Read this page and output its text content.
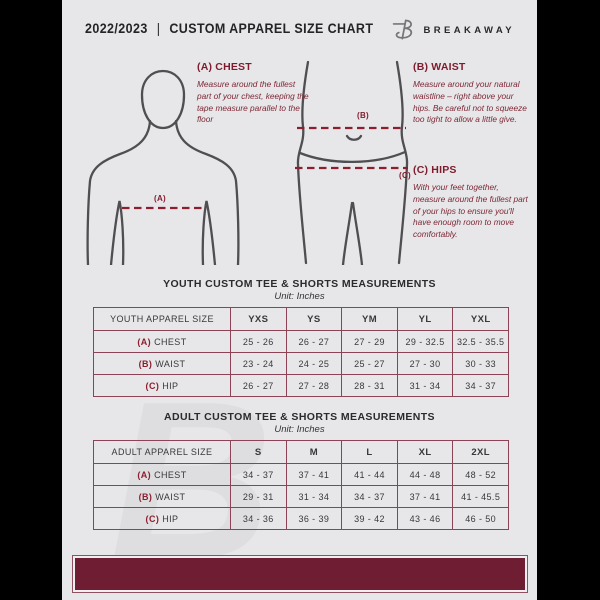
2022/2023 | CUSTOM APPAREL SIZE CHART	BREAKAWAY
(A)
(B)
(C)
(A) CHEST

Measure around the fullest part of your chest, keeping the tape measure parallel to the floor

(B) WAIST

Measure around your natural waistline – right above your hips. Be careful not to squeeze too tight to allow a little give.

(C) HIPS

With your feet together, measure around the fullest part of your hips to ensure you'll have enough room to move comfortably.

YOUTH CUSTOM TEE & SHORTS MEASUREMENTS
Unit: Inches
YOUTH APPAREL SIZE	YXS	YS	YM	YL	YXL
(A) CHEST	25 - 26	26 - 27	27 - 29	29 - 32.5	32.5 - 35.5
(B) WAIST	23 - 24	24 - 25	25 - 27	27 - 30	30 - 33
(C) HIP	26 - 27	27 - 28	28 - 31	31 - 34	34 - 37
ADULT CUSTOM TEE & SHORTS MEASUREMENTS
Unit: Inches
ADULT APPAREL SIZE	S	M	L	XL	2XL
(A) CHEST	34 - 37	37 - 41	41 - 44	44 - 48	48 - 52
(B) WAIST	29 - 31	31 - 34	34 - 37	37 - 41	41 - 45.5
(C) HIP	34 - 36	36 - 39	39 - 42	43 - 46	46 - 50
